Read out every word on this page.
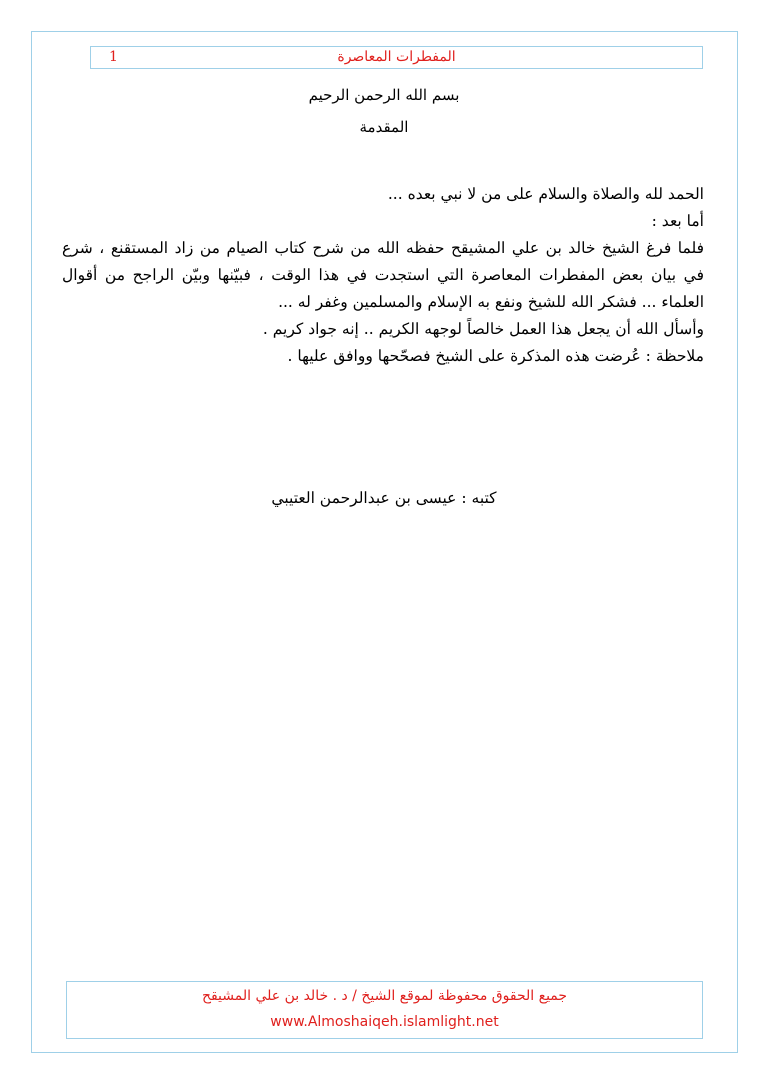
1	المفطرات المعاصرة
بسم الله الرحمن الرحيم
المقدمة

الحمد لله والصلاة والسلام على من لا نبي بعده ...

أما بعد :

فلما فرغ الشيخ خالد بن علي المشيقح حفظه الله من شرح كتاب الصيام من زاد المستقنع ، شرع

في بيان بعض المفطرات المعاصرة التي استجدت في هذا الوقت ، فبيّنها وبيّن الراجح من أقوال

العلماء ... فشكر الله للشيخ ونفع به الإسلام والمسلمين وغفر له ...

وأسأل الله أن يجعل هذا العمل خالصاً لوجهه الكريم .. إنه جواد كريم .

ملاحظة : عُرضت هذه المذكرة على الشيخ فصحّحها ووافق عليها .

كتبه : عيسى بن عبدالرحمن العتيبي
جميع الحقوق محفوظة لموقع الشيخ / د . خالد بن علي المشيقح
www.Almoshaiqeh.islamlight.net
